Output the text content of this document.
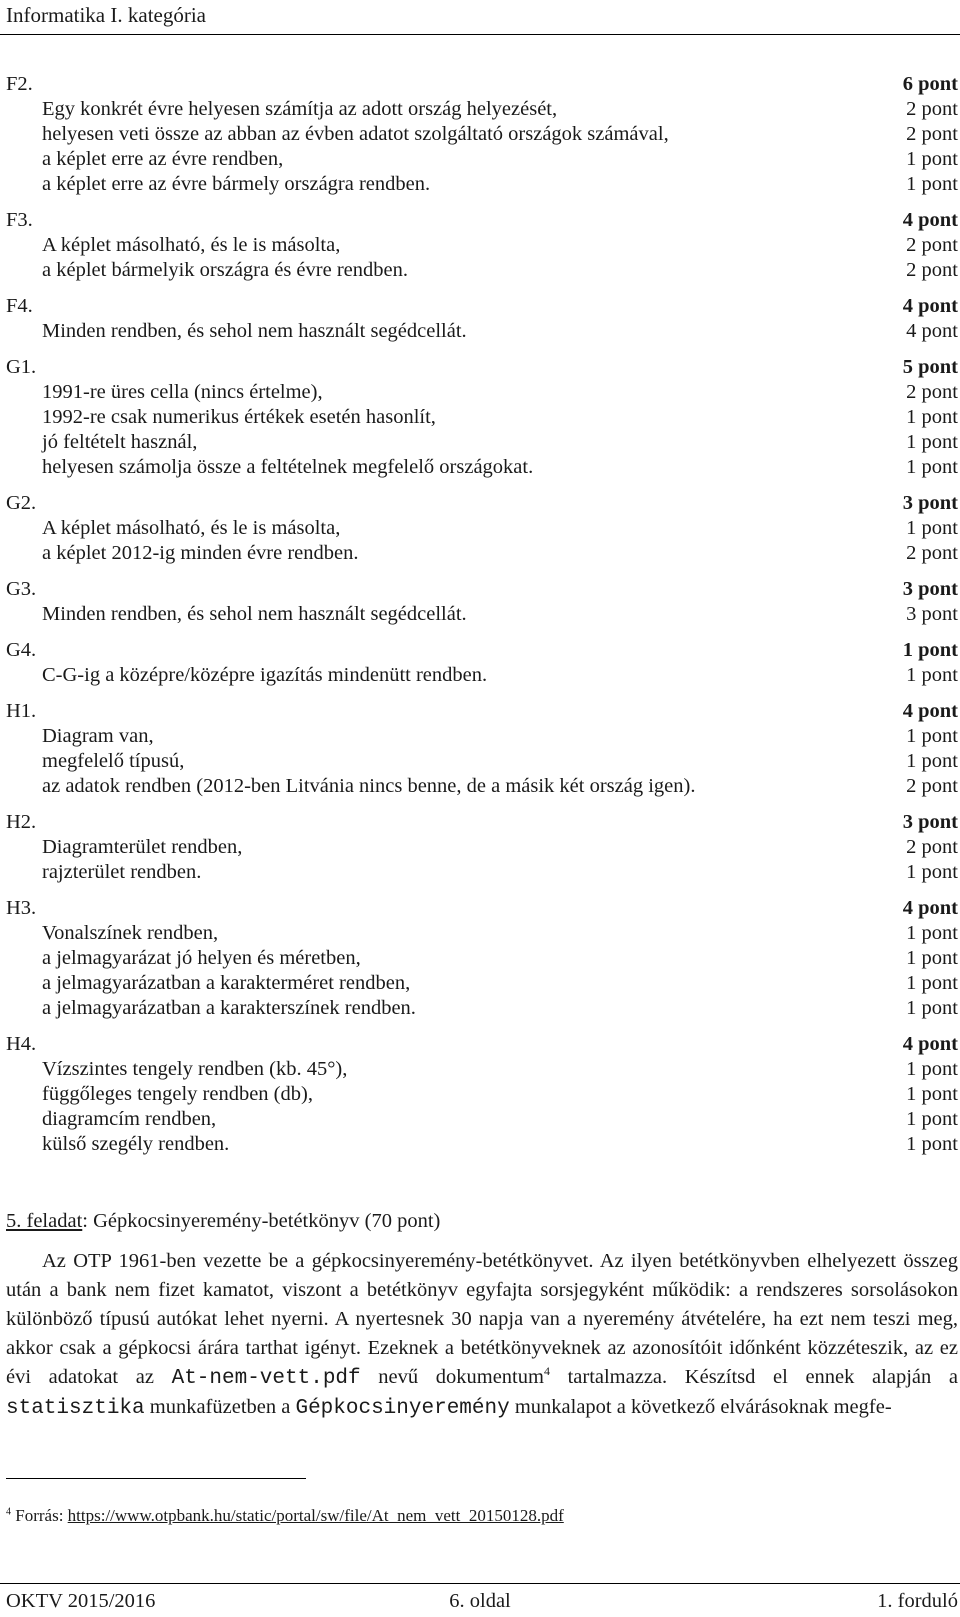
Informatika I. kategória
F2.	6 pont
Egy konkrét évre helyesen számítja az adott ország helyezését,	2 pont
helyesen veti össze az abban az évben adatot szolgáltató országok számával,	2 pont
a képlet erre az évre rendben,	1 pont
a képlet erre az évre bármely országra rendben.	1 pont
F3.	4 pont
A képlet másolható, és le is másolta,	2 pont
a képlet bármelyik országra és évre rendben.	2 pont
F4.	4 pont
Minden rendben, és sehol nem használt segédcellát.	4 pont
G1.	5 pont
1991-re üres cella (nincs értelme),	2 pont
1992-re csak numerikus értékek esetén hasonlít,	1 pont
jó feltételt használ,	1 pont
helyesen számolja össze a feltételnek megfelelő országokat.	1 pont
G2.	3 pont
A képlet másolható, és le is másolta,	1 pont
a képlet 2012-ig minden évre rendben.	2 pont
G3.	3 pont
Minden rendben, és sehol nem használt segédcellát.	3 pont
G4.	1 pont
C-G-ig a középre/középre igazítás mindenütt rendben.	1 pont
H1.	4 pont
Diagram van,	1 pont
megfelelő típusú,	1 pont
az adatok rendben (2012-ben Litvánia nincs benne, de a másik két ország igen).	2 pont
H2.	3 pont
Diagramterület rendben,	2 pont
rajzterület rendben.	1 pont
H3.	4 pont
Vonalszínek rendben,	1 pont
a jelmagyarázat jó helyen és méretben,	1 pont
a jelmagyarázatban a karakterméret rendben,	1 pont
a jelmagyarázatban a karakterszínek rendben.	1 pont
H4.	4 pont
Vízszintes tengely rendben (kb. 45°),	1 pont
függőleges tengely rendben (db),	1 pont
diagramcím rendben,	1 pont
külső szegély rendben.	1 pont
5. feladat: Gépkocsinyeremény-betétkönyv (70 pont)
Az OTP 1961-ben vezette be a gépkocsinyeremény-betétkönyvet. Az ilyen betétkönyvben elhelyezett összeg után a bank nem fizet kamatot, viszont a betétkönyv egyfajta sorsjegyként működik: a rendszeres sorsolásokon különböző típusú autókat lehet nyerni. A nyertesnek 30 napja van a nyeremény átvételére, ha ezt nem teszi meg, akkor csak a gépkocsi árára tarthat igényt. Ezeknek a betétkönyveknek az azonosítóit időnként közzéteszik, az ez évi adatokat az At-nem-vett.pdf nevű dokumentum$^4$ tartalmazza. Készítsd el ennek alapján a statisztika munkafüzetben a Gépkocsinyeremény munkalapot a következő elvárásoknak megfe-
$^4$ Forrás: https://www.otpbank.hu/static/portal/sw/file/At_nem_vett_20150128.pdf
OKTV 2015/2016	6. oldal	1. forduló
